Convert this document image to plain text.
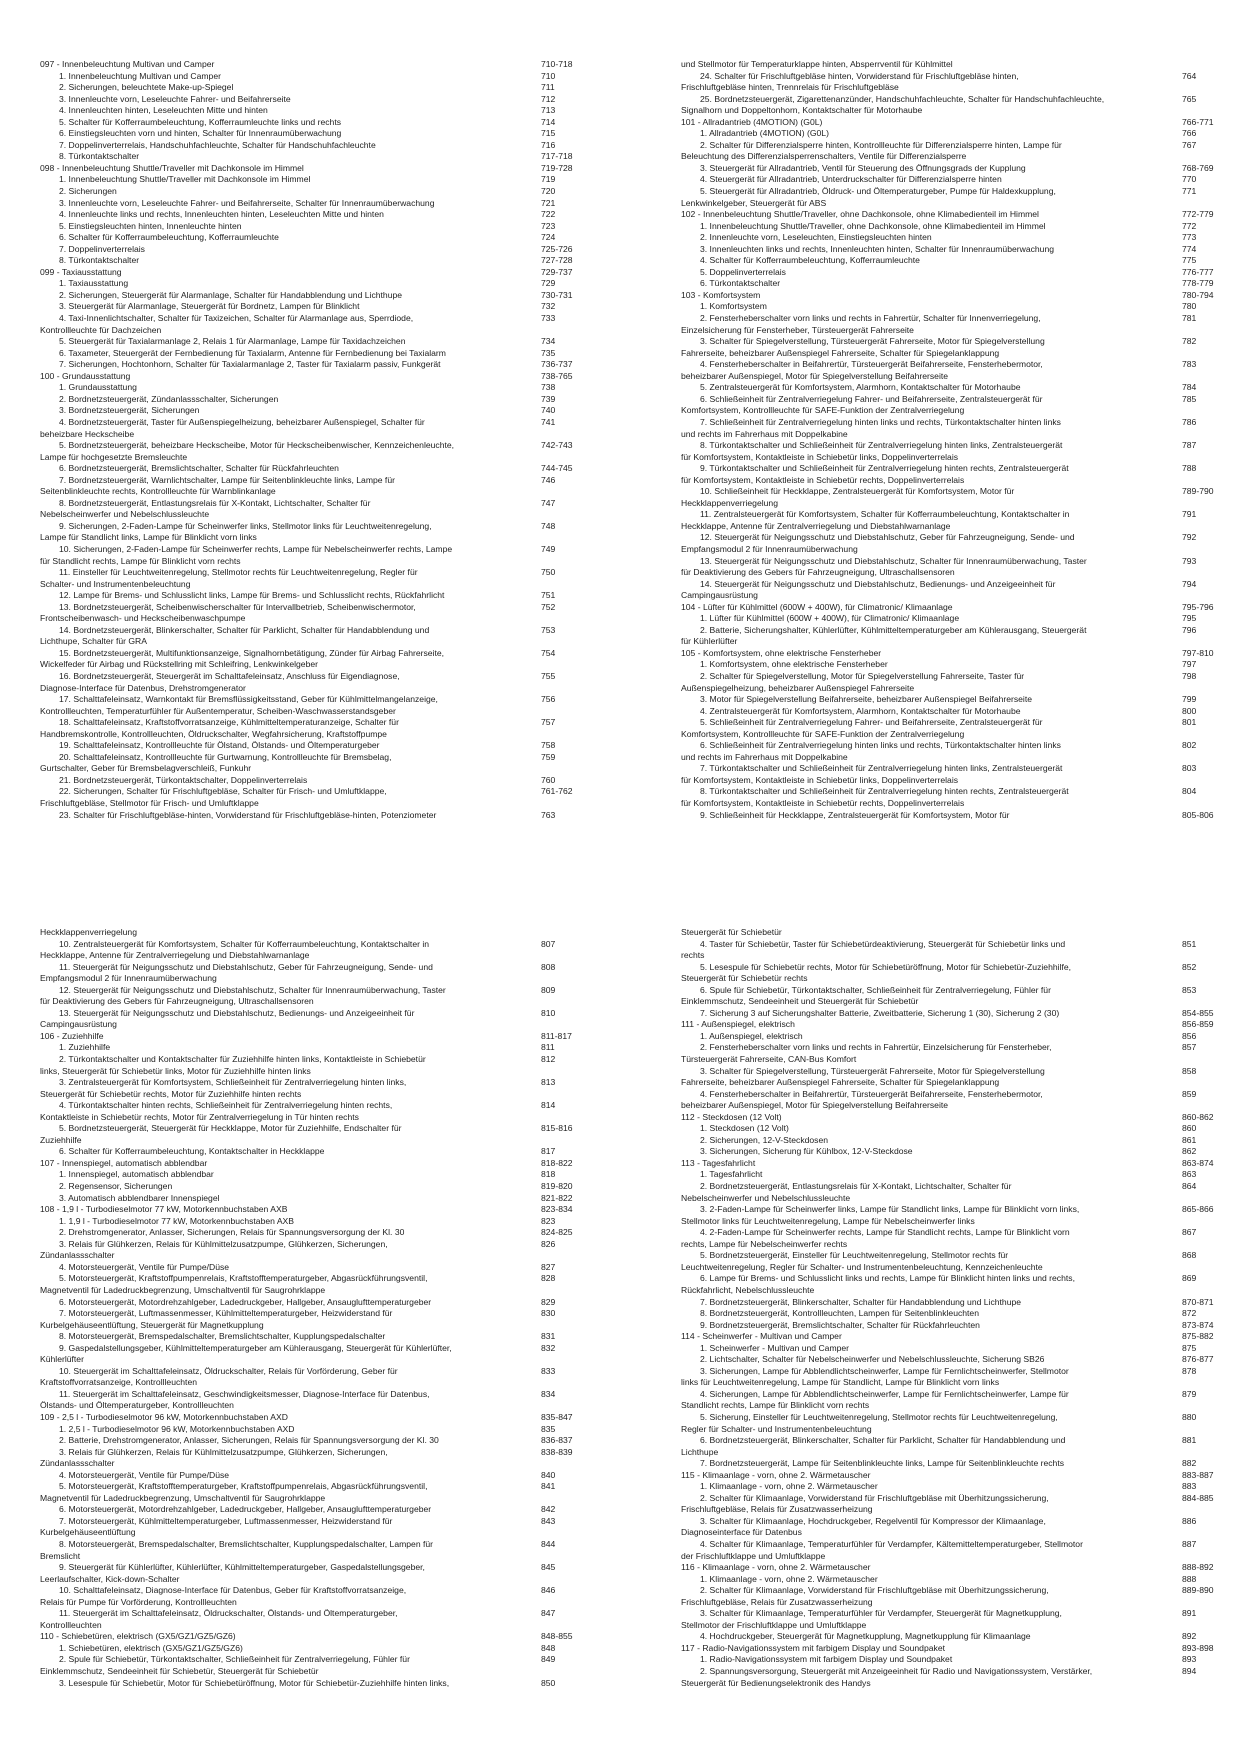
097 - Innenbeleuchtung Multivan und Camper	710-718
1. Innenbeleuchtung Multivan und Camper	710
2. Sicherungen, beleuchtete Make-up-Spiegel	711
3. Innenleuchte vorn, Leseleuchte Fahrer- und Beifahrerseite	712
4. Innenleuchten hinten, Leseleuchten Mitte und hinten	713
5. Schalter für Kofferraumbeleuchtung, Kofferraumleuchte links und rechts	714
6. Einstiegsleuchten vorn und hinten, Schalter für Innenraumüberwachung	715
7. Doppelinverterrelais, Handschuhfachleuchte, Schalter für Handschuhfachleuchte	716
8. Türkontaktschalter	717-718
098 - Innenbeleuchtung Shuttle/Traveller mit Dachkonsole im Himmel	719-728
1. Innenbeleuchtung Shuttle/Traveller mit Dachkonsole im Himmel	719
2. Sicherungen	720
3. Innenleuchte vorn, Leseleuchte Fahrer- und Beifahrerseite, Schalter für Innenraumüberwachung	721
4. Innenleuchte links und rechts, Innenleuchten hinten, Leseleuchten Mitte und hinten	722
5. Einstiegsleuchten hinten, Innenleuchte hinten	723
6. Schalter für Kofferraumbeleuchtung, Kofferraumleuchte	724
7. Doppelinverterrelais	725-726
8. Türkontaktschalter	727-728
099 - Taxiausstattung	729-737
1. Taxiausstattung	729
2. Sicherungen, Steuergerät für Alarmanlage, Schalter für Handabblendung und Lichthupe	730-731
3. Steuergerät für Alarmanlage, Steuergerät für Bordnetz, Lampen für Blinklicht	732
4. Taxi-Innenlichtschalter, Schalter für Taxizeichen, Schalter für Alarmanlage aus, Sperrdiode,	733
Kontrollleuchte für Dachzeichen
5. Steuergerät für Taxialarmanlage 2, Relais 1 für Alarmanlage, Lampe für Taxidachzeichen	734
6. Taxameter, Steuergerät der Fernbedienung für Taxialarm, Antenne für Fernbedienung bei Taxialarm	735
7. Sicherungen, Hochtonhorn, Schalter für Taxialarmanlage 2, Taster für Taxialarm passiv, Funkgerät	736-737
100 - Grundausstattung	738-765
1. Grundausstattung	738
2. Bordnetzsteuergerät, Zündanlassschalter, Sicherungen	739
3. Bordnetzsteuergerät, Sicherungen	740
4. Bordnetzsteuergerät, Taster für Außenspiegelheizung, beheizbarer Außenspiegel, Schalter für	741
beheizbare Heckscheibe
5. Bordnetzsteuergerät, beheizbare Heckscheibe, Motor für Heckscheibenwischer, Kennzeichenleuchte,	742-743
Lampe für hochgesetzte Bremsleuchte
6. Bordnetzsteuergerät, Bremslichtschalter, Schalter für Rückfahrleuchten	744-745
7. Bordnetzsteuergerät, Warnlichtschalter, Lampe für Seitenblinkleuchte links, Lampe für	746
Seitenblinkleuchte rechts, Kontrollleuchte für Warnblinkanlage
8. Bordnetzsteuergerät, Entlastungsrelais für X-Kontakt, Lichtschalter, Schalter für	747
Nebelscheinwerfer und Nebelschlussleuchte
9. Sicherungen, 2-Faden-Lampe für Scheinwerfer links, Stellmotor links für Leuchtweitenregelung,	748
Lampe für Standlicht links, Lampe für Blinklicht vorn links
10. Sicherungen, 2-Faden-Lampe für Scheinwerfer rechts, Lampe für Nebelscheinwerfer rechts, Lampe	749
für Standlicht rechts, Lampe für Blinklicht vorn rechts
11. Einsteller für Leuchtweitenregelung, Stellmotor rechts für Leuchtweitenregelung, Regler für	750
Schalter- und Instrumentenbeleuchtung
12. Lampe für Brems- und Schlusslicht links, Lampe für Brems- und Schlusslicht rechts, Rückfahrlicht	751
13. Bordnetzsteuergerät, Scheibenwischerschalter für Intervallbetrieb, Scheibenwischermotor,	752
Frontscheibenwasch- und Heckscheibenwaschpumpe
14. Bordnetzsteuergerät, Blinkerschalter, Schalter für Parklicht, Schalter für Handabblendung und	753
Lichthupe, Schalter für GRA
15. Bordnetzsteuergerät, Multifunktionsanzeige, Signalhornbetätigung, Zünder für Airbag Fahrerseite,	754
Wickelfeder für Airbag und Rückstellring mit Schleifring, Lenkwinkelgeber
16. Bordnetzsteuergerät, Steuergerät im Schalttafeleinsatz, Anschluss für Eigendiagnose,	755
Diagnose-Interface für Datenbus, Drehstromgenerator
17. Schalttafeleinsatz, Warnkontakt für Bremsflüssigkeitsstand, Geber für Kühlmittelmangelanzeige,	756
Kontrollleuchten, Temperaturfühler für Außentemperatur, Scheiben-Waschwasserstandsgeber
18. Schalttafeleinsatz, Kraftstoffvorratsanzeige, Kühlmitteltemperaturanzeige, Schalter für	757
Handbremskontrolle, Kontrollleuchten, Öldruckschalter, Wegfahrsicherung, Kraftstoffpumpe
19. Schalttafeleinsatz, Kontrollleuchte für Ölstand, Ölstands- und Öltemperaturgeber	758
20. Schalttafeleinsatz, Kontrollleuchte für Gurtwarnung, Kontrollleuchte für Bremsbelag,	759
Gurtschalter, Geber für Bremsbelagverschleiß, Funkuhr
21. Bordnetzsteuergerät, Türkontaktschalter, Doppelinverterrelais	760
22. Sicherungen, Schalter für Frischluftgebläse, Schalter für Frisch- und Umluftklappe,	761-762
Frischluftgebläse, Stellmotor für Frisch- und Umluftklappe
23. Schalter für Frischluftgebläse-hinten, Vorwiderstand für Frischluftgebläse-hinten, Potenziometer	763
und Stellmotor für Temperaturklappe hinten, Absperrventil für Kühlmittel
24. Schalter für Frischluftgebläse hinten, Vorwiderstand für Frischluftgebläse hinten,	764
Frischluftgebläse hinten, Trennrelais für Frischluftgebläse
25. Bordnetzsteuergerät, Zigarettenanzünder, Handschuhfachleuchte, Schalter für Handschuhfachleuchte,	765
Signalhorn und Doppeltonhorn, Kontaktschalter für Motorhaube
101 - Allradantrieb (4MOTION) (G0L)	766-771
1. Allradantrieb (4MOTION) (G0L)	766
2. Schalter für Differenzialsperre hinten, Kontrollleuchte für Differenzialsperre hinten, Lampe für	767
Beleuchtung des Differenzialsperrenschalters, Ventile für Differenzialsperre
3. Steuergerät für Allradantrieb, Ventil für Steuerung des Öffnungsgrads der Kupplung	768-769
4. Steuergerät für Allradantrieb, Unterdruckschalter für Differenzialsperre hinten	770
5. Steuergerät für Allradantrieb, Öldruck- und Öltemperaturgeber, Pumpe für Haldexkupplung,	771
Lenkwinkelgeber, Steuergerät für ABS
102 - Innenbeleuchtung Shuttle/Traveller, ohne Dachkonsole, ohne Klimabedienteil im Himmel	772-779
1. Innenbeleuchtung Shuttle/Traveller, ohne Dachkonsole, ohne Klimabedienteil im Himmel	772
2. Innenleuchte vorn, Leseleuchten, Einstiegsleuchten hinten	773
3. Innenleuchten links und rechts, Innenleuchten hinten, Schalter für Innenraumüberwachung	774
4. Schalter für Kofferraumbeleuchtung, Kofferraumleuchte	775
5. Doppelinverterrelais	776-777
6. Türkontaktschalter	778-779
103 - Komfortsystem	780-794
1. Komfortsystem	780
2. Fensterheberschalter vorn links und rechts in Fahrertür, Schalter für Innenverriegelung,	781
Einzelsicherung für Fensterheber, Türsteuergerät Fahrerseite
3. Schalter für Spiegelverstellung, Türsteuergerät Fahrerseite, Motor für Spiegelverstellung	782
Fahrerseite, beheizbarer Außenspiegel Fahrerseite, Schalter für Spiegelanklappung
4. Fensterheberschalter in Beifahrertür, Türsteuergerät Beifahrerseite, Fensterhebermotor,	783
beheizbarer Außenspiegel, Motor für Spiegelverstellung Beifahrerseite
5. Zentralsteuergerät für Komfortsystem, Alarmhorn, Kontaktschalter für Motorhaube	784
6. Schließeinheit für Zentralverriegelung Fahrer- und Beifahrerseite, Zentralsteuergerät für	785
Komfortsystem, Kontrollleuchte für SAFE-Funktion der Zentralverriegelung
7. Schließeinheit für Zentralverriegelung hinten links und rechts, Türkontaktschalter hinten links	786
und rechts im Fahrerhaus mit Doppelkabine
8. Türkontaktschalter und Schließeinheit für Zentralverriegelung hinten links, Zentralsteuergerät	787
für Komfortsystem, Kontaktleiste in Schiebetür links, Doppelinverterrelais
9. Türkontaktschalter und Schließeinheit für Zentralverriegelung hinten rechts, Zentralsteuergerät	788
für Komfortsystem, Kontaktleiste in Schiebetür rechts, Doppelinverterrelais
10. Schließeinheit für Heckklappe, Zentralsteuergerät für Komfortsystem, Motor für	789-790
Heckklappenverriegelung
11. Zentralsteuergerät für Komfortsystem, Schalter für Kofferraumbeleuchtung, Kontaktschalter in	791
Heckklappe, Antenne für Zentralverriegelung und Diebstahlwarnanlage
12. Steuergerät für Neigungsschutz und Diebstahlschutz, Geber für Fahrzeugneigung, Sende- und	792
Empfangsmodul 2 für Innenraumüberwachung
13. Steuergerät für Neigungsschutz und Diebstahlschutz, Schalter für Innenraumüberwachung, Taster	793
für Deaktivierung des Gebers für Fahrzeugneigung, Ultraschallsensoren
14. Steuergerät für Neigungsschutz und Diebstahlschutz, Bedienungs- und Anzeigeeinheit für	794
Campingausrüstung
104 - Lüfter für Kühlmittel (600W + 400W), für Climatronic/ Klimaanlage	795-796
1. Lüfter für Kühlmittel (600W + 400W), für Climatronic/ Klimaanlage	795
2. Batterie, Sicherungshalter, Kühlerlüfter, Kühlmitteltemperaturgeber am Kühlerausgang, Steuergerät	796
für Kühlerlüfter
105 - Komfortsystem, ohne elektrische Fensterheber	797-810
1. Komfortsystem, ohne elektrische Fensterheber	797
2. Schalter für Spiegelverstellung, Motor für Spiegelverstellung Fahrerseite, Taster für	798
Außenspiegelheizung, beheizbarer Außenspiegel Fahrerseite
3. Motor für Spiegelverstellung Beifahrerseite, beheizbarer Außenspiegel Beifahrerseite	799
4. Zentralsteuergerät für Komfortsystem, Alarmhorn, Kontaktschalter für Motorhaube	800
5. Schließeinheit für Zentralverriegelung Fahrer- und Beifahrerseite, Zentralsteuergerät für	801
Komfortsystem, Kontrollleuchte für SAFE-Funktion der Zentralverriegelung
6. Schließeinheit für Zentralverriegelung hinten links und rechts, Türkontaktschalter hinten links	802
und rechts im Fahrerhaus mit Doppelkabine
7. Türkontaktschalter und Schließeinheit für Zentralverriegelung hinten links, Zentralsteuergerät	803
für Komfortsystem, Kontaktleiste in Schiebetür links, Doppelinverterrelais
8. Türkontaktschalter und Schließeinheit für Zentralverriegelung hinten rechts, Zentralsteuergerät	804
für Komfortsystem, Kontaktleiste in Schiebetür rechts, Doppelinverterrelais
9. Schließeinheit für Heckklappe, Zentralsteuergerät für Komfortsystem, Motor für	805-806
Heckklappenverriegelung
10. Zentralsteuergerät für Komfortsystem, Schalter für Kofferraumbeleuchtung, Kontaktschalter in	807
Heckklappe, Antenne für Zentralverriegelung und Diebstahlwarnanlage
11. Steuergerät für Neigungsschutz und Diebstahlschutz, Geber für Fahrzeugneigung, Sende- und	808
Empfangsmodul 2 für Innenraumüberwachung
12. Steuergerät für Neigungsschutz und Diebstahlschutz, Schalter für Innenraumüberwachung, Taster	809
für Deaktivierung des Gebers für Fahrzeugneigung, Ultraschallsensoren
13. Steuergerät für Neigungsschutz und Diebstahlschutz, Bedienungs- und Anzeigeeinheit für	810
Campingausrüstung
106 - Zuziehhilfe	811-817
1. Zuziehhilfe	811
2. Türkontaktschalter und Kontaktschalter für Zuziehhilfe hinten links, Kontaktleiste in Schiebetür	812
links, Steuergerät für Schiebetür links, Motor für Zuziehhilfe hinten links
3. Zentralsteuergerät für Komfortsystem, Schließeinheit für Zentralverriegelung hinten links,	813
Steuergerät für Schiebetür rechts, Motor für Zuziehhilfe hinten rechts
4. Türkontaktschalter hinten rechts, Schließeinheit für Zentralverriegelung hinten rechts,	814
Kontaktleiste in Schiebetür rechts, Motor für Zentralverriegelung in Tür hinten rechts
5. Bordnetzsteuergerät, Steuergerät für Heckklappe, Motor für Zuziehhilfe, Endschalter für	815-816
Zuziehhilfe
6. Schalter für Kofferraumbeleuchtung, Kontaktschalter in Heckklappe	817
107 - Innenspiegel, automatisch abblendbar	818-822
1. Innenspiegel, automatisch abblendbar	818
2. Regensensor, Sicherungen	819-820
3. Automatisch abblendbarer Innenspiegel	821-822
108 - 1,9 l - Turbodieselmotor 77 kW, Motorkennbuchstaben AXB	823-834
1. 1,9 l - Turbodieselmotor 77 kW, Motorkennbuchstaben AXB	823
2. Drehstromgenerator, Anlasser, Sicherungen, Relais für Spannungsversorgung der Kl. 30	824-825
3. Relais für Glühkerzen, Relais für Kühlmittelzusatzpumpe, Glühkerzen, Sicherungen,	826
Zündanlassschalter
4. Motorsteuergerät, Ventile für Pumpe/Düse	827
5. Motorsteuergerät, Kraftstoffpumpenrelais, Kraftstofftemperaturgeber, Abgasrückführungsventil,	828
Magnetventil für Ladedruckbegrenzung, Umschaltventil für Saugrohrklappe
6. Motorsteuergerät, Motordrehzahlgeber, Ladedruckgeber, Hallgeber, Ansauglufttemperaturgeber	829
7. Motorsteuergerät, Luftmassenmesser, Kühlmitteltemperaturgeber, Heizwiderstand für	830
Kurbelgehäuseentlüftung, Steuergerät für Magnetkupplung
8. Motorsteuergerät, Bremspedalschalter, Bremslichtschalter, Kupplungspedalschalter	831
9. Gaspedalstellungsgeber, Kühlmitteltemperaturgeber am Kühlerausgang, Steuergerät für Kühlerlüfter,	832
Kühlerlüfter
10. Steuergerät im Schalttafeleinsatz, Öldruckschalter, Relais für Vorförderung, Geber für	833
Kraftstoffvorratsanzeige, Kontrollleuchten
11. Steuergerät im Schalttafeleinsatz, Geschwindigkeitsmesser, Diagnose-Interface für Datenbus,	834
Ölstands- und Öltemperaturgeber, Kontrollleuchten
109 - 2,5 l - Turbodieselmotor 96 kW, Motorkennbuchstaben AXD	835-847
1. 2,5 l - Turbodieselmotor 96 kW, Motorkennbuchstaben AXD	835
2. Batterie, Drehstromgenerator, Anlasser, Sicherungen, Relais für Spannungsversorgung der Kl. 30	836-837
3. Relais für Glühkerzen, Relais für Kühlmittelzusatzpumpe, Glühkerzen, Sicherungen,	838-839
Zündanlassschalter
4. Motorsteuergerät, Ventile für Pumpe/Düse	840
5. Motorsteuergerät, Kraftstofftemperaturgeber, Kraftstoffpumpenrelais, Abgasrückführungsventil,	841
Magnetventil für Ladedruckbegrenzung, Umschaltventil für Saugrohrklappe
6. Motorsteuergerät, Motordrehzahlgeber, Ladedruckgeber, Hallgeber, Ansauglufttemperaturgeber	842
7. Motorsteuergerät, Kühlmitteltemperaturgeber, Luftmassenmesser, Heizwiderstand für	843
Kurbelgehäuseentlüftung
8. Motorsteuergerät, Bremspedalschalter, Bremslichtschalter, Kupplungspedalschalter, Lampen für	844
Bremslicht
9. Steuergerät für Kühlerlüfter, Kühlerlüfter, Kühlmitteltemperaturgeber, Gaspedalstellungsgeber,	845
Leerlaufschalter, Kick-down-Schalter
10. Schalttafeleinsatz, Diagnose-Interface für Datenbus, Geber für Kraftstoffvorratsanzeige,	846
Relais für Pumpe für Vorförderung, Kontrollleuchten
11. Steuergerät im Schalttafeleinsatz, Öldruckschalter, Ölstands- und Öltemperaturgeber,	847
Kontrollleuchten
110 - Schiebetüren, elektrisch (GX5/GZ1/GZ5/GZ6)	848-855
1. Schiebetüren, elektrisch (GX5/GZ1/GZ5/GZ6)	848
2. Spule für Schiebetür, Türkontaktschalter, Schließeinheit für Zentralverriegelung, Fühler für	849
Einklemmschutz, Sendeeinheit für Schiebetür, Steuergerät für Schiebetür
3. Lesespule für Schiebetür, Motor für Schiebetüröffnung, Motor für Schiebetür-Zuziehhilfe hinten links,	850
Steuergerät für Schiebetür
4. Taster für Schiebetür, Taster für Schiebetürdeaktivierung, Steuergerät für Schiebetür links und	851
rechts
5. Lesespule für Schiebetür rechts, Motor für Schiebetüröffnung, Motor für Schiebetür-Zuziehhilfe,	852
Steuergerät für Schiebetür rechts
6. Spule für Schiebetür, Türkontaktschalter, Schließeinheit für Zentralverriegelung, Fühler für	853
Einklemmschutz, Sendeeinheit und Steuergerät für Schiebetür
7. Sicherung 3 auf Sicherungshalter Batterie, Zweitbatterie, Sicherung 1 (30), Sicherung 2 (30)	854-855
111 - Außenspiegel, elektrisch	856-859
1. Außenspiegel, elektrisch	856
2. Fensterheberschalter vorn links und rechts in Fahrertür, Einzelsicherung für Fensterheber,	857
Türsteuergerät Fahrerseite, CAN-Bus Komfort
3. Schalter für Spiegelverstellung, Türsteuergerät Fahrerseite, Motor für Spiegelverstellung	858
Fahrerseite, beheizbarer Außenspiegel Fahrerseite, Schalter für Spiegelanklappung
4. Fensterheberschalter in Beifahrertür, Türsteuergerät Beifahrerseite, Fensterhebermotor,	859
beheizbarer Außenspiegel, Motor für Spiegelverstellung Beifahrerseite
112 - Steckdosen (12 Volt)	860-862
1. Steckdosen (12 Volt)	860
2. Sicherungen, 12-V-Steckdosen	861
3. Sicherungen, Sicherung für Kühlbox, 12-V-Steckdose	862
113 - Tagesfahrlicht	863-874
1. Tagesfahrlicht	863
2. Bordnetzsteuergerät, Entlastungsrelais für X-Kontakt, Lichtschalter, Schalter für	864
Nebelscheinwerfer und Nebelschlussleuchte
3. 2-Faden-Lampe für Scheinwerfer links, Lampe für Standlicht links, Lampe für Blinklicht vorn links,	865-866
Stellmotor links für Leuchtweitenregelung, Lampe für Nebelscheinwerfer links
4. 2-Faden-Lampe für Scheinwerfer rechts, Lampe für Standlicht rechts, Lampe für Blinklicht vorn	867
rechts, Lampe für Nebelscheinwerfer rechts
5. Bordnetzsteuergerät, Einsteller für Leuchtweitenregelung, Stellmotor rechts für	868
Leuchtweitenregelung, Regler für Schalter- und Instrumentenbeleuchtung, Kennzeichenleuchte
6. Lampe für Brems- und Schlusslicht links und rechts, Lampe für Blinklicht hinten links und rechts,	869
Rückfahrlicht, Nebelschlussleuchte
7. Bordnetzsteuergerät, Blinkerschalter, Schalter für Handabblendung und Lichthupe	870-871
8. Bordnetzsteuergerät, Kontrollleuchten, Lampen für Seitenblinkleuchten	872
9. Bordnetzsteuergerät, Bremslichtschalter, Schalter für Rückfahrleuchten	873-874
114 - Scheinwerfer - Multivan und Camper	875-882
1. Scheinwerfer - Multivan und Camper	875
2. Lichtschalter, Schalter für Nebelscheinwerfer und Nebelschlussleuchte, Sicherung SB26	876-877
3. Sicherungen, Lampe für Abblendlichtscheinwerfer, Lampe für Fernlichtscheinwerfer, Stellmotor	878
links für Leuchtweitenregelung, Lampe für Standlicht, Lampe für Blinklicht vorn links
4. Sicherungen, Lampe für Abblendlichtscheinwerfer, Lampe für Fernlichtscheinwerfer, Lampe für	879
Standlicht rechts, Lampe für Blinklicht vorn rechts
5. Sicherung, Einsteller für Leuchtweitenregelung, Stellmotor rechts für Leuchtweitenregelung,	880
Regler für Schalter- und Instrumentenbeleuchtung
6. Bordnetzsteuergerät, Blinkerschalter, Schalter für Parklicht, Schalter für Handabblendung und	881
Lichthupe
7. Bordnetzsteuergerät, Lampe für Seitenblinkleuchte links, Lampe für Seitenblinkleuchte rechts	882
115 - Klimaanlage - vorn, ohne 2. Wärmetauscher	883-887
1. Klimaanlage - vorn, ohne 2. Wärmetauscher	883
2. Schalter für Klimaanlage, Vorwiderstand für Frischluftgebläse mit Überhitzungssicherung,	884-885
Frischluftgebläse, Relais für Zusatzwasserheizung
3. Schalter für Klimaanlage, Hochdruckgeber, Regelventil für Kompressor der Klimaanlage,	886
Diagnoseinterface für Datenbus
4. Schalter für Klimaanlage, Temperaturfühler für Verdampfer, Kältemitteltemperaturgeber, Stellmotor	887
der Frischluftklappe und Umluftklappe
116 - Klimaanlage - vorn, ohne 2. Wärmetauscher	888-892
1. Klimaanlage - vorn, ohne 2. Wärmetauscher	888
2. Schalter für Klimaanlage, Vorwiderstand für Frischluftgebläse mit Überhitzungssicherung,	889-890
Frischluftgebläse, Relais für Zusatzwasserheizung
3. Schalter für Klimaanlage, Temperaturfühler für Verdampfer, Steuergerät für Magnetkupplung,	891
Stellmotor der Frischluftklappe und Umluftklappe
4. Hochdruckgeber, Steuergerät für Magnetkupplung, Magnetkupplung für Klimaanlage	892
117 - Radio-Navigationssystem mit farbigem Display und Soundpaket	893-898
1. Radio-Navigationssystem mit farbigem Display und Soundpaket	893
2. Spannungsversorgung, Steuergerät mit Anzeigeeinheit für Radio und Navigationssystem, Verstärker,	894
Steuergerät für Bedienungselektronik des Handys
